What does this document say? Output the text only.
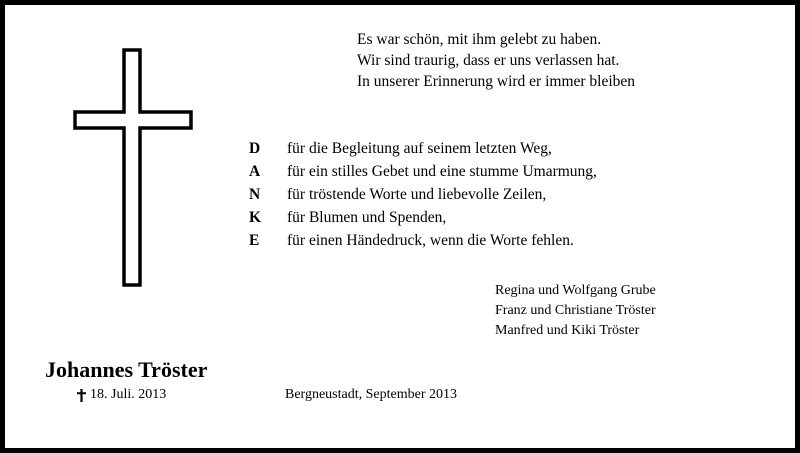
Es war schön, mit ihm gelebt zu haben.
Wir sind traurig, dass er uns verlassen hat.
In unserer Erinnerung wird er immer bleiben
D	für die Begleitung auf seinem letzten Weg,
A	für ein stilles Gebet und eine stumme Umarmung,
N	für tröstende Worte und liebevolle Zeilen,
K	für Blumen und Spenden,
E	für einen Händedruck, wenn die Worte fehlen.
Regina und Wolfgang Grube
Franz und Christiane Tröster
Manfred und Kiki Tröster
Johannes Tröster
18. Juli. 2013	Bergneustadt, September 2013
